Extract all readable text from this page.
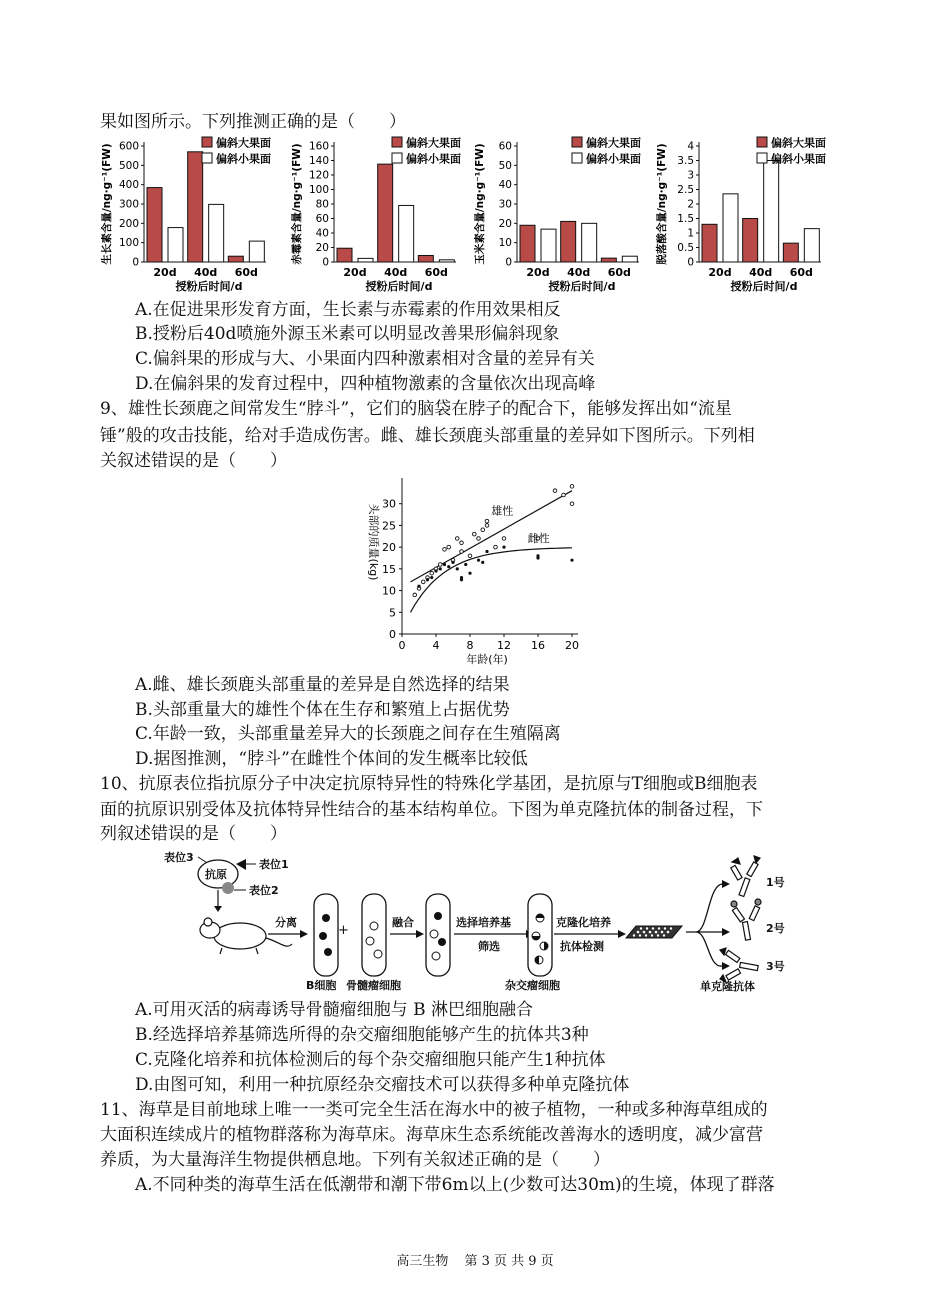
果如图所示。下列推测正确的是（　　）
生长素含量/ng·g⁻¹(FW) 0
100
200
300
400
500
600
20d 40d 60d
授粉后时间/d
偏斜大果面
偏斜小果面 赤霉素含量/ng·g⁻¹(FW) 0
20
40
60
80
100
120
140
160
20d 40d 60d
授粉后时间/d
偏斜大果面
偏斜小果面 玉米素含量/ng·g⁻¹(FW) 0
10
20
30
40
50
60
20d 40d 60d
授粉后时间/d
偏斜大果面
偏斜小果面 脱落酸含量/ng·g⁻¹(FW) 0
0.5
1
1.5
2
2.5
3
3.5
4
20d 40d 60d
授粉后时间/d
偏斜大果面
偏斜小果面
A.在促进果形发育方面，生长素与赤霉素的作用效果相反
B.授粉后40d喷施外源玉米素可以明显改善果形偏斜现象
C.偏斜果的形成与大、小果面内四种激素相对含量的差异有关
D.在偏斜果的发育过程中，四种植物激素的含量依次出现高峰
9、雄性长颈鹿之间常发生“脖斗”，它们的脑袋在脖子的配合下，能够发挥出如“流星
锤”般的攻击技能，给对手造成伤害。雌、雄长颈鹿头部重量的差异如下图所示。下列相
关叙述错误的是（　　）
0
5
10
15
20
25
30
0 4 8 12 16 20
年龄(年)
头部的质量(kg)	雄性
雌性
A.雌、雄长颈鹿头部重量的差异是自然选择的结果
B.头部重量大的雄性个体在生存和繁殖上占据优势
C.年龄一致，头部重量差异大的长颈鹿之间存在生殖隔离
D.据图推测，“脖斗”在雌性个体间的发生概率比较低
10、抗原表位指抗原分子中决定抗原特异性的特殊化学基团，是抗原与T细胞或B细胞表
面的抗原识别受体及抗体特异性结合的基本结构单位。下图为单克隆抗体的制备过程，下
列叙述错误的是（　　）
表位3
抗原
表位1
表位2
分离
+
B细胞 骨髓瘤细胞
融合	选择培养基
筛选
杂交瘤细胞
克隆化培养
抗体检测
1号
2号
3号
单克隆抗体
A.可用灭活的病毒诱导骨髓瘤细胞与 B 淋巴细胞融合
B.经选择培养基筛选所得的杂交瘤细胞能够产生的抗体共3种
C.克隆化培养和抗体检测后的每个杂交瘤细胞只能产生1种抗体
D.由图可知，利用一种抗原经杂交瘤技术可以获得多种单克隆抗体
11、海草是目前地球上唯一一类可完全生活在海水中的被子植物，一种或多种海草组成的
大面积连续成片的植物群落称为海草床。海草床生态系统能改善海水的透明度，减少富营
养质，为大量海洋生物提供栖息地。下列有关叙述正确的是（　　）
A.不同种类的海草生活在低潮带和潮下带6m以上(少数可达30m)的生境，体现了群落
高三生物 第 3 页 共 9 页
